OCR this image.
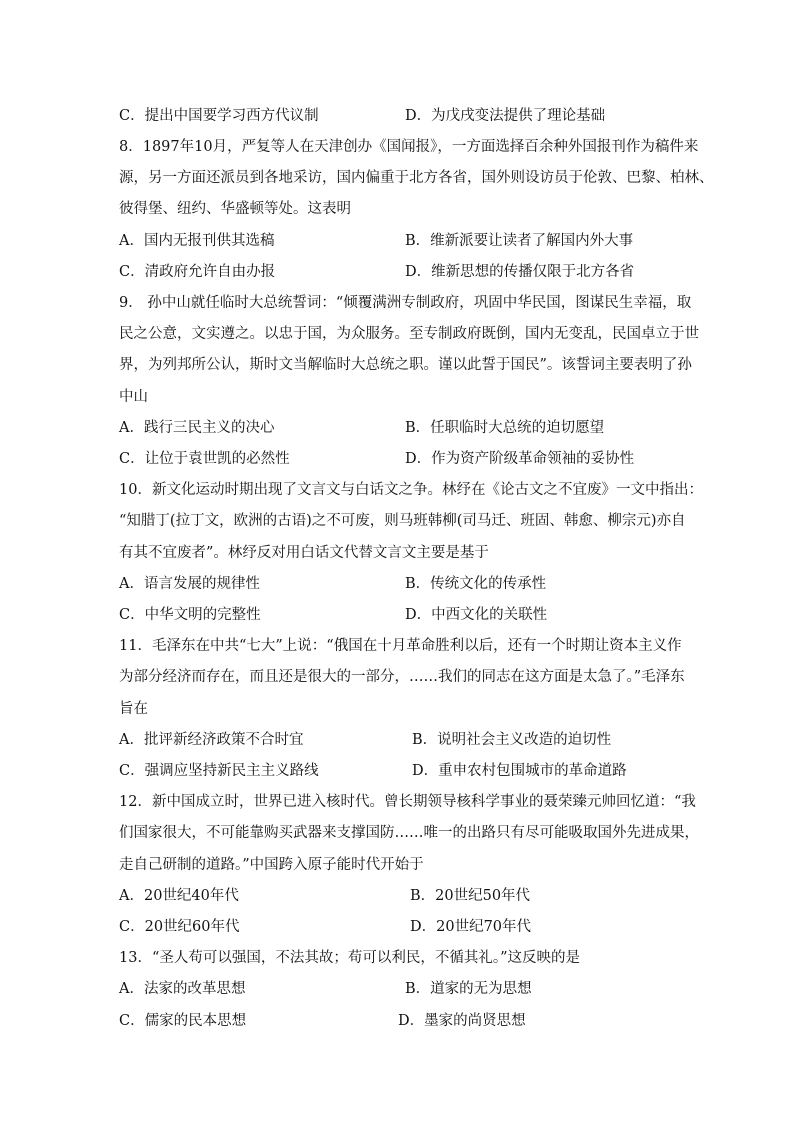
C．提出中国要学习西方代议制	D．为戊戌变法提供了理论基础
8．1897年10月，严复等人在天津创办《国闻报》，一方面选择百余种外国报刊作为稿件来
源，另一方面还派员到各地采访，国内偏重于北方各省，国外则设访员于伦敦、巴黎、柏林、
彼得堡、纽约、华盛顿等处。这表明
A．国内无报刊供其选稿	B．维新派要让读者了解国内外大事
C．清政府允许自由办报	D．维新思想的传播仅限于北方各省
9． 孙中山就任临时大总统誓词：“倾覆满洲专制政府，巩固中华民国，图谋民生幸福，取
民之公意，文实遵之。以忠于国，为众服务。至专制政府既倒，国内无变乱，民国卓立于世
界，为列邦所公认，斯时文当解临时大总统之职。谨以此誓于国民”。该誓词主要表明了孙
中山
A．践行三民主义的决心	B．任职临时大总统的迫切愿望
C．让位于袁世凯的必然性	D．作为资产阶级革命领袖的妥协性
10．新文化运动时期出现了文言文与白话文之争。林纾在《论古文之不宜废》一文中指出：
“知腊丁(拉丁文，欧洲的古语)之不可废，则马班韩柳(司马迁、班固、韩愈、柳宗元)亦自
有其不宜废者”。林纾反对用白话文代替文言文主要是基于
A．语言发展的规律性	B．传统文化的传承性
C．中华文明的完整性	D．中西文化的关联性
11．毛泽东在中共“七大”上说：“俄国在十月革命胜利以后，还有一个时期让资本主义作
为部分经济而存在，而且还是很大的一部分，……我们的同志在这方面是太急了。”毛泽东
旨在
A．批评新经济政策不合时宜	B．说明社会主义改造的迫切性
C．强调应坚持新民主主义路线	D．重申农村包围城市的革命道路
12．新中国成立时，世界已进入核时代。曾长期领导核科学事业的聂荣臻元帅回忆道：“我
们国家很大，不可能靠购买武器来支撑国防……唯一的出路只有尽可能吸取国外先进成果，
走自己研制的道路。”中国跨入原子能时代开始于
A．20世纪40年代	B．20世纪50年代
C．20世纪60年代	D．20世纪70年代
13．“圣人苟可以强国，不法其故；苟可以利民，不循其礼。”这反映的是
A．法家的改革思想	B．道家的无为思想
C．儒家的民本思想	D．墨家的尚贤思想
